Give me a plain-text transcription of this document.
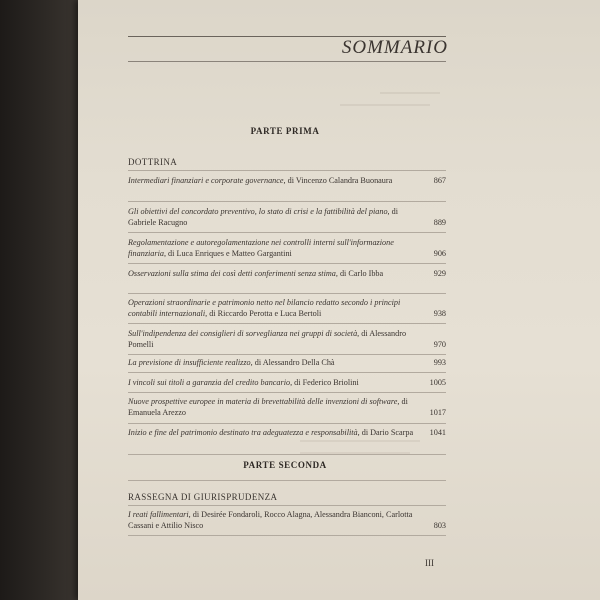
SOMMARIO
PARTE PRIMA
DOTTRINA
Intermediari finanziari e corporate governance, di Vincenzo Calandra Buonaura	867
Gli obiettivi del concordato preventivo, lo stato di crisi e la fattibilità del piano, di Gabriele Racugno	889
Regolamentazione e autoregolamentazione nei controlli interni sull'informazione finanziaria, di Luca Enriques e Matteo Gargantini	906
Osservazioni sulla stima dei così detti conferimenti senza stima, di Carlo Ibba	929
Operazioni straordinarie e patrimonio netto nel bilancio redatto secondo i principi contabili internazionali, di Riccardo Perotta e Luca Bertoli	938
Sull'indipendenza dei consiglieri di sorveglianza nei gruppi di società, di Alessandro Pomelli	970
La previsione di insufficiente realizzo, di Alessandro Della Chà	993
I vincoli sui titoli a garanzia del credito bancario, di Federico Briolini	1005
Nuove prospettive europee in materia di brevettabilità delle invenzioni di software, di Emanuela Arezzo	1017
Inizio e fine del patrimonio destinato tra adeguatezza e responsabilità, di Dario Scarpa	1041
PARTE SECONDA
RASSEGNA DI GIURISPRUDENZA
I reati fallimentari, di Desirée Fondaroli, Rocco Alagna, Alessandra Bianconi, Carlotta Cassani e Attilio Nisco	803
III
